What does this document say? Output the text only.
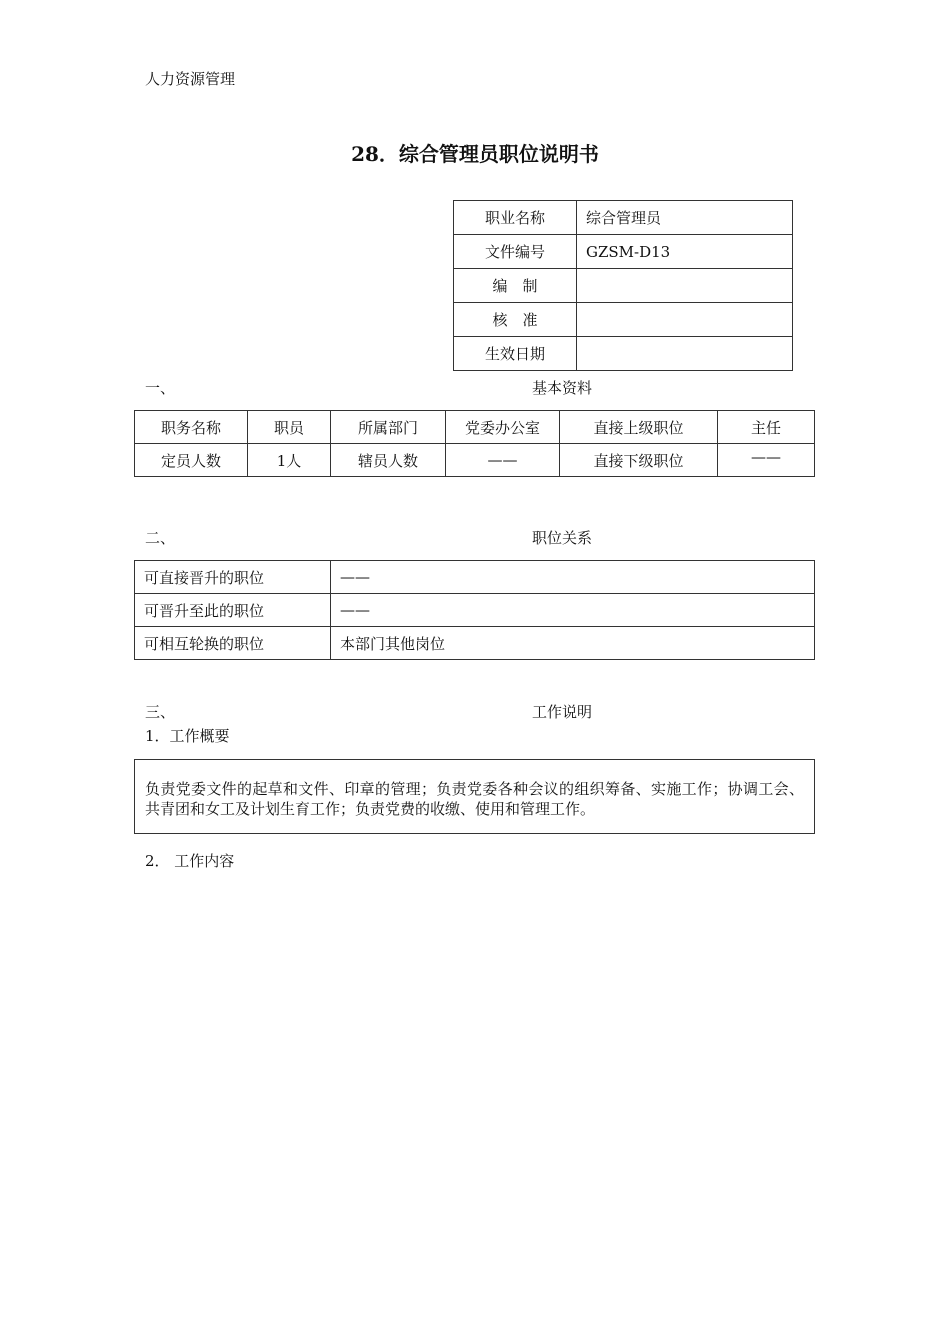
人力资源管理
28．综合管理员职位说明书
职业名称	综合管理员
文件编号	GZSM-D13
编　制	
核　准	
生效日期	
一、	基本资料
职务名称	职员	所属部门	党委办公室	直接上级职位	主任
定员人数	1人	辖员人数	——	直接下级职位	——
二、	职位关系
可直接晋升的职位	——
可晋升至此的职位	——
可相互轮换的职位	本部门其他岗位
三、	工作说明
1．工作概要
负责党委文件的起草和文件、印章的管理；负责党委各种会议的组织筹备、实施工作；协调工会、共青团和女工及计划生育工作；负责党费的收缴、使用和管理工作。
2． 工作内容
